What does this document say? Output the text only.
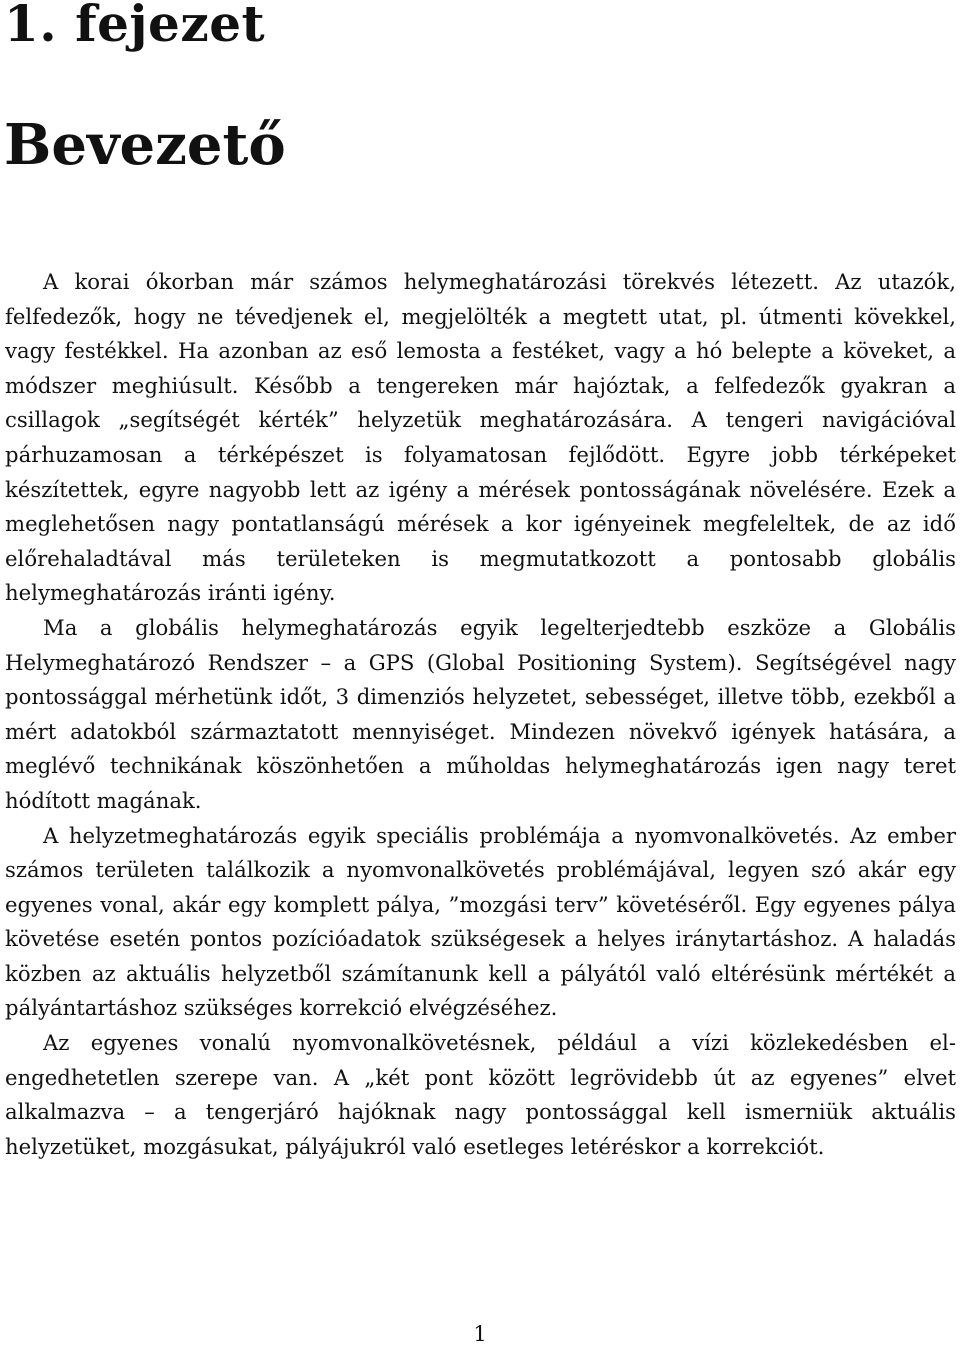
1. fejezet
Bevezető

A korai ókorban már számos helymeghatározási törekvés létezett. Az utazók, felfedezők, hogy ne tévedjenek el, megjelölték a megtett utat, pl. útmenti kövekkel, vagy festékkel. Ha azonban az eső lemosta a festéket, vagy a hó belepte a köveket, a módszer meghiúsult. Később a tengereken már hajóztak, a felfedezők gyakran a csillagok „segítségét kérték” helyzetük meghatározására. A tengeri navigációval párhuzamosan a térképészet is folyamatosan fejlődött. Egyre jobb térképeket készítettek, egyre nagyobb lett az igény a mérések pontosságának növelésére. Ezek a meglehetősen nagy pontatlanságú mérések a kor igényeinek megfeleltek, de az idő előrehaladtával más területeken is megmutatkozott a pontosabb globális helymeghatározás iránti igény.

Ma a globális helymeghatározás egyik legelterjedtebb eszköze a Globális Helymeghatározó Rendszer – a GPS (Global Positioning System). Segítségével nagy pontossággal mérhetünk időt, 3 dimenziós helyzetet, sebességet, illetve több, ezekből a mért adatokból származtatott mennyiséget. Mindezen növekvő igények hatására, a meglévő technikának köszönhetően a műholdas helymeghatározás igen nagy teret hódított magának.

A helyzetmeghatározás egyik speciális problémája a nyomvonalkövetés. Az ember számos területen találkozik a nyomvonalkövetés problémájával, legyen szó akár egy egyenes vonal, akár egy komplett pálya, ”mozgási terv” követéséről. Egy egyenes pálya követése esetén pontos pozícióadatok szükségesek a helyes iránytartáshoz. A haladás közben az aktuális helyzetből számítanunk kell a pályától való eltérésünk mértékét a pályántartáshoz szükséges korrekció elvégzéséhez.

Az egyenes vonalú nyomvonalkövetésnek, például a vízi közlekedésben elengedhetetlen szerepe van. A „két pont között legrövidebb út az egyenes” elvet alkalmazva – a tengerjáró hajóknak nagy pontossággal kell ismerniük aktuális helyzetüket, mozgásukat, pályájukról való esetleges letéréskor a korrekciót.

1
